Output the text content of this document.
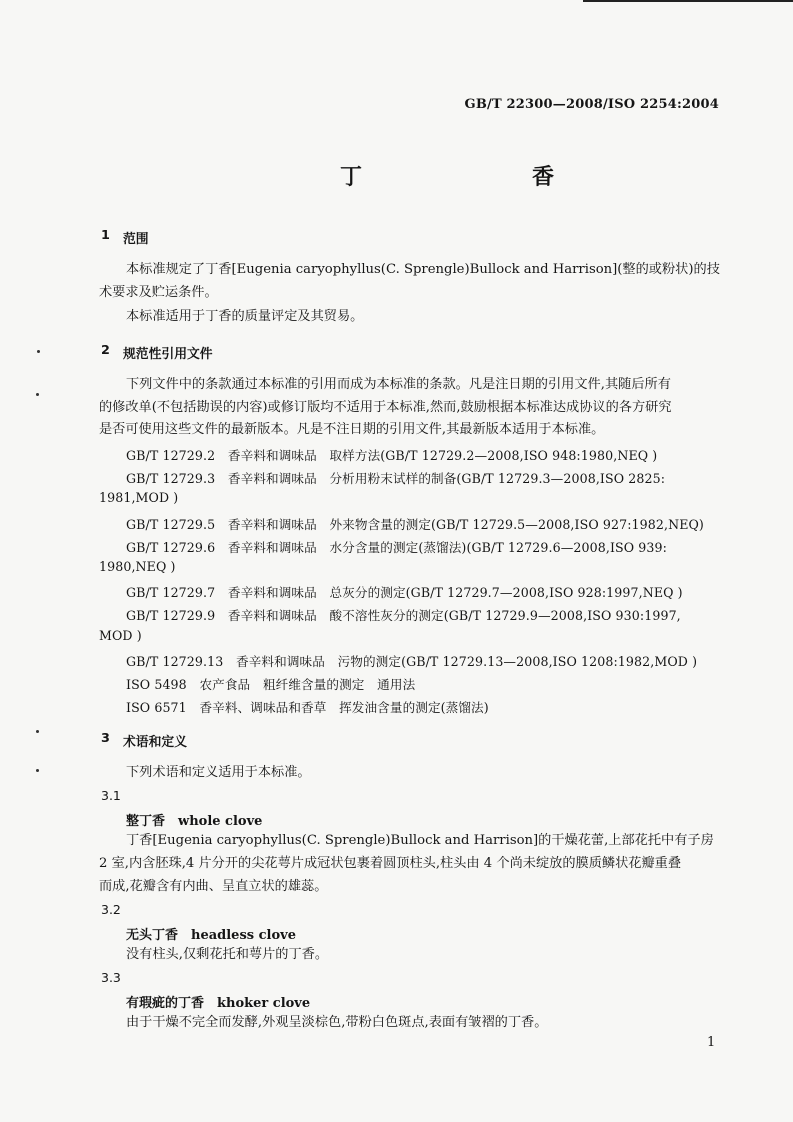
GB/T 22300—2008/ISO 2254:2004
丁　香
1 范围
本标准规定了丁香[Eugenia caryophyllus(C. Sprengle)Bullock and Harrison](整的或粉状)的技
术要求及贮运条件。
本标准适用于丁香的质量评定及其贸易。
2 规范性引用文件
下列文件中的条款通过本标准的引用而成为本标准的条款。凡是注日期的引用文件,其随后所有
的修改单(不包括勘误的内容)或修订版均不适用于本标准,然而,鼓励根据本标准达成协议的各方研究
是否可使用这些文件的最新版本。凡是不注日期的引用文件,其最新版本适用于本标准。
GB/T 12729.2　香辛料和调味品　取样方法(GB/T 12729.2—2008,ISO 948:1980,NEQ )
GB/T 12729.3　香辛料和调味品　分析用粉末试样的制备(GB/T 12729.3—2008,ISO 2825:
1981,MOD )
GB/T 12729.5　香辛料和调味品　外来物含量的测定(GB/T 12729.5—2008,ISO 927:1982,NEQ)
GB/T 12729.6　香辛料和调味品　水分含量的测定(蒸馏法)(GB/T 12729.6—2008,ISO 939:
1980,NEQ )
GB/T 12729.7　香辛料和调味品　总灰分的测定(GB/T 12729.7—2008,ISO 928:1997,NEQ )
GB/T 12729.9　香辛料和调味品　酸不溶性灰分的测定(GB/T 12729.9—2008,ISO 930:1997,
MOD )
GB/T 12729.13　香辛料和调味品　污物的测定(GB/T 12729.13—2008,ISO 1208:1982,MOD )
ISO 5498　农产食品　粗纤维含量的测定　通用法
ISO 6571　香辛料、调味品和香草　挥发油含量的测定(蒸馏法)
3 术语和定义
下列术语和定义适用于本标准。
3.1
整丁香　whole clove
丁香[Eugenia caryophyllus(C. Sprengle)Bullock and Harrison]的干燥花蕾,上部花托中有子房
2 室,内含胚珠,4 片分开的尖花萼片成冠状包裹着圆顶柱头,柱头由 4 个尚未绽放的膜质鳞状花瓣重叠
而成,花瓣含有内曲、呈直立状的雄蕊。
3.2
无头丁香　headless clove
没有柱头,仅剩花托和萼片的丁香。
3.3
有瑕疵的丁香　khoker clove
由于干燥不完全而发酵,外观呈淡棕色,带粉白色斑点,表面有皱褶的丁香。
1
